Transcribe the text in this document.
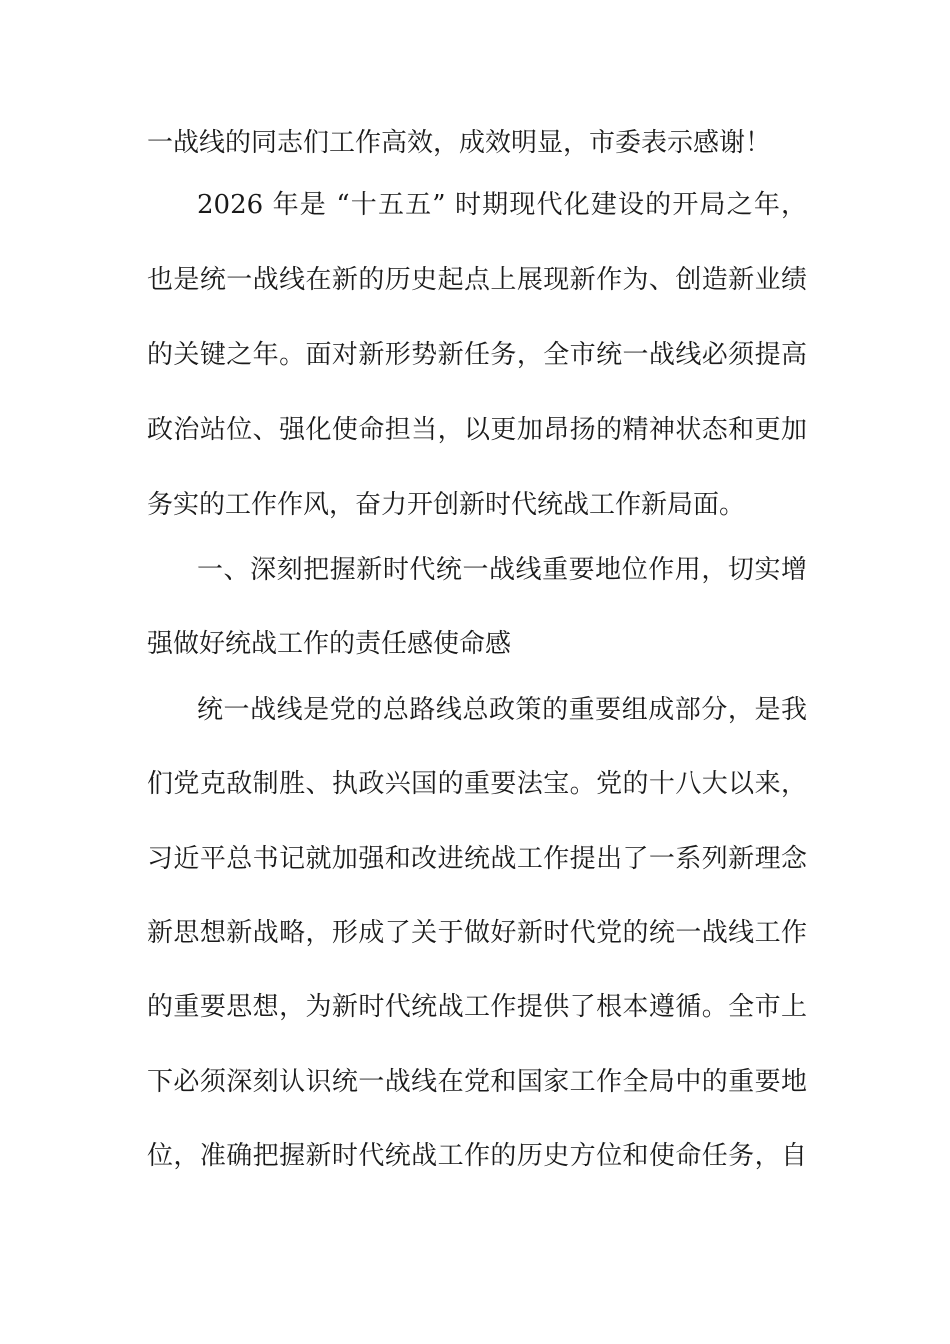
一战线的同志们工作高效，成效明显，市委表示感谢！
2026 年是 “十五五” 时期现代化建设的开局之年，
也是统一战线在新的历史起点上展现新作为、创造新业绩
的关键之年。面对新形势新任务，全市统一战线必须提高
政治站位、强化使命担当，以更加昂扬的精神状态和更加
务实的工作作风，奋力开创新时代统战工作新局面。
一、深刻把握新时代统一战线重要地位作用，切实增
强做好统战工作的责任感使命感
统一战线是党的总路线总政策的重要组成部分，是我
们党克敌制胜、执政兴国的重要法宝。党的十八大以来，
习近平总书记就加强和改进统战工作提出了一系列新理念
新思想新战略，形成了关于做好新时代党的统一战线工作
的重要思想，为新时代统战工作提供了根本遵循。全市上
下必须深刻认识统一战线在党和国家工作全局中的重要地
位，准确把握新时代统战工作的历史方位和使命任务，自
